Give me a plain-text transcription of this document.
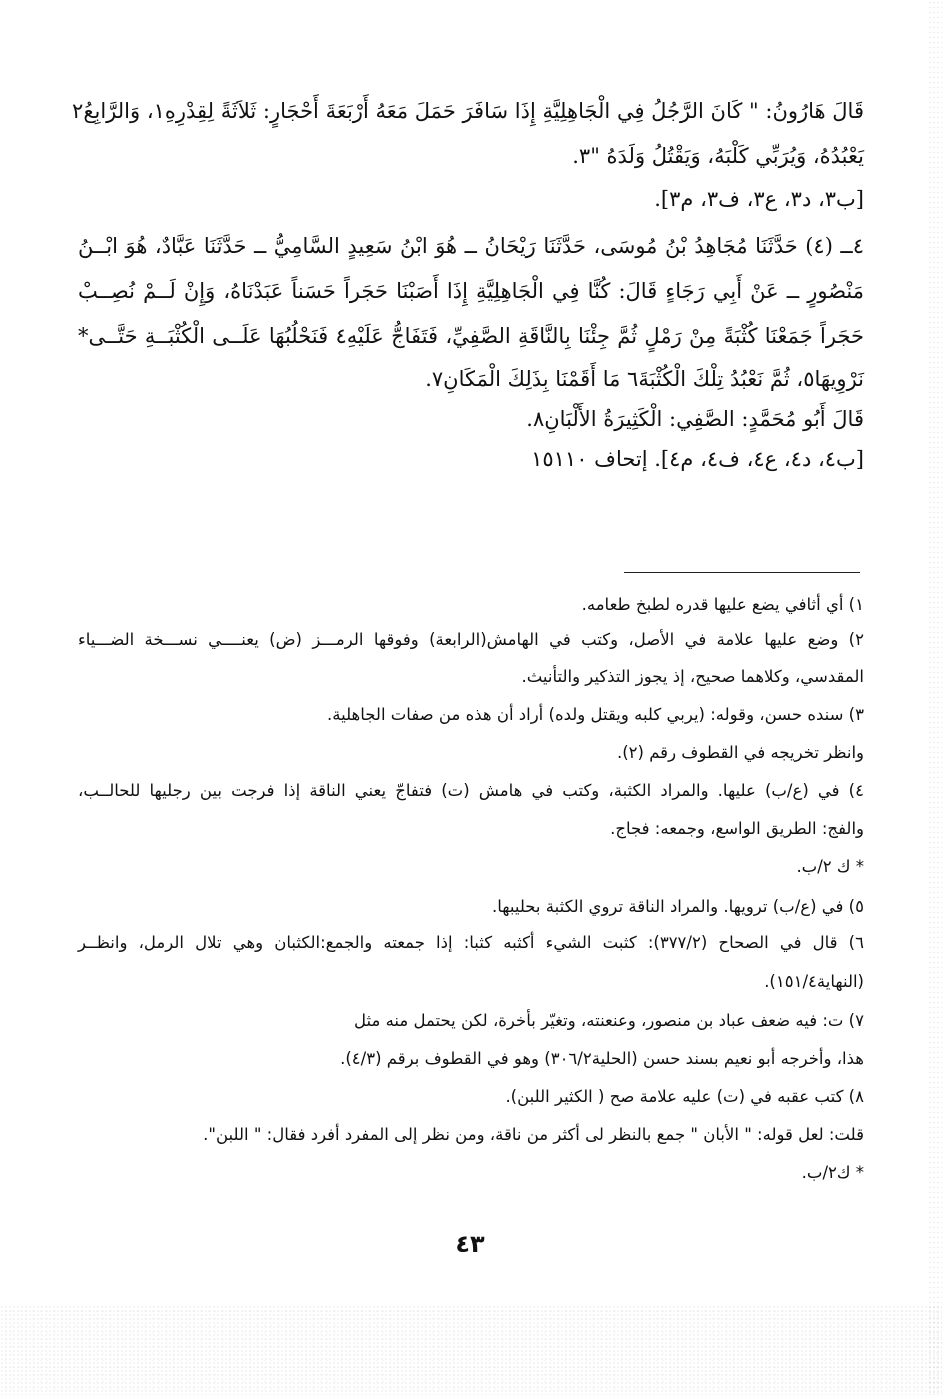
قَالَ هَارُونُ: " كَانَ الرَّجُلُ فِي الْجَاهِلِيَّةِ إِذَا سَافَرَ حَمَلَ مَعَهُ أَرْبَعَةَ أَحْجَارٍ: ثَلاَثَةً لِقِدْرِهِ١، وَالرَّابِعُ٢
يَعْبُدُهُ، وَيُرَبِّي كَلْبَهُ، وَيَقْتُلُ وَلَدَهُ "٣.
[ب٣، د٣، ع٣، ف٣، م٣].
٤ــ (٤) حَدَّثَنَا مُجَاهِدُ بْنُ مُوسَى، حَدَّثَنَا رَيْحَانُ ــ هُوَ ابْنُ سَعِيدٍ السَّامِيُّ ــ حَدَّثَنَا عَبَّادٌ، هُوَ ابْــنُ
مَنْصُورٍ ــ عَنْ أَبِي رَجَاءٍ قَالَ: كُنَّا فِي الْجَاهِلِيَّةِ إِذَا أَصَبْنَا حَجَراً حَسَناً عَبَدْنَاهُ، وَإِنْ لَــمْ نُصِــبْ
حَجَراً جَمَعْنَا كُثْبَةً مِنْ رَمْلٍ ثُمَّ جِئْنَا بِالنَّاقَةِ الصَّفِيِّ، فَتَفَاجُّ عَلَيْهِ٤ فَنَحْلُبُهَا عَلَــى الْكُثْبَــةِ حَتَّــى*
نَرْوِيهَا٥، ثُمَّ نَعْبُدُ تِلْكَ الْكُثْبَةَ٦ مَا أَقَمْنَا بِذَلِكَ الْمَكَانِ٧.
قَالَ أَبُو مُحَمَّدٍ: الصَّفِي: الْكَثِيرَةُ الأَلْبَانِ٨.
[ب٤، د٤، ع٤، ف٤، م٤]. إتحاف ١٥١١٠
١) أي أثافي يضع عليها قدره لطبخ طعامه.
٢) وضع عليها علامة في الأصل، وكتب في الهامش(الرابعة) وفوقها الرمـــز (ض) يعنــــي نســـخة الضـــياء
المقدسي، وكلاهما صحيح، إذ يجوز التذكير والتأنيث.
٣) سنده حسن، وقوله: (يربي كلبه ويقتل ولده) أراد أن هذه من صفات الجاهلية.
وانظر تخريجه في القطوف رقم (٢).
٤) في (ع/ب) عليها. والمراد الكثبة، وكتب في هامش (ت) فتفاجّ يعني الناقة إذا فرجت بين رجليها للحالــب،
والفج: الطريق الواسع، وجمعه: فجاج.
* ك ٢/ب.
٥) في (ع/ب) ترويها. والمراد الناقة تروي الكثبة بحليبها.
٦) قال في الصحاح (٣٧٧/٢): كثبت الشيء أكثبه كثبا: إذا جمعته والجمع:الكثبان وهي تلال الرمل، وانظــر
(النهاية١٥١/٤).
٧) ت: فيه ضعف عباد بن منصور، وعنعنته، وتغيّر بأخرة، لكن يحتمل منه مثل
هذا، وأخرجه أبو نعيم بسند حسن (الحلية٣٠٦/٢) وهو في القطوف برقم (٤/٣).
٨) كتب عقبه في (ت) عليه علامة صح ( الكثير اللبن).
قلت: لعل قوله: " الأبان " جمع بالنظر لى أكثر من ناقة، ومن نظر إلى المفرد أفرد فقال: " اللبن".
* ك٢/ب.
٤٣
